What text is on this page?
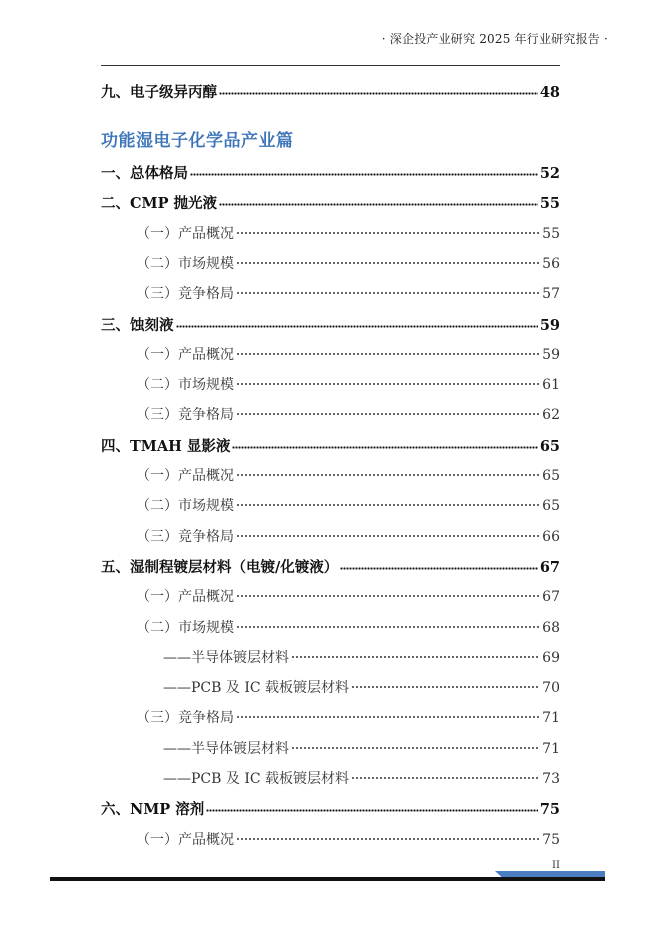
· 深企投产业研究 2025 年行业研究报告 ·
九、电子级异丙醇	48
功能湿电子化学品产业篇
一、总体格局	52
二、CMP 抛光液	55
（一）产品概况	55
（二）市场规模	56
（三）竞争格局	57
三、蚀刻液	59
（一）产品概况	59
（二）市场规模	61
（三）竞争格局	62
四、TMAH 显影液	65
（一）产品概况	65
（二）市场规模	65
（三）竞争格局	66
五、湿制程镀层材料（电镀/化镀液）	67
（一）产品概况	67
（二）市场规模	68
——半导体镀层材料	69
——PCB 及 IC 载板镀层材料	70
（三）竞争格局	71
——半导体镀层材料	71
——PCB 及 IC 载板镀层材料	73
六、NMP 溶剂	75
（一）产品概况	75
II
